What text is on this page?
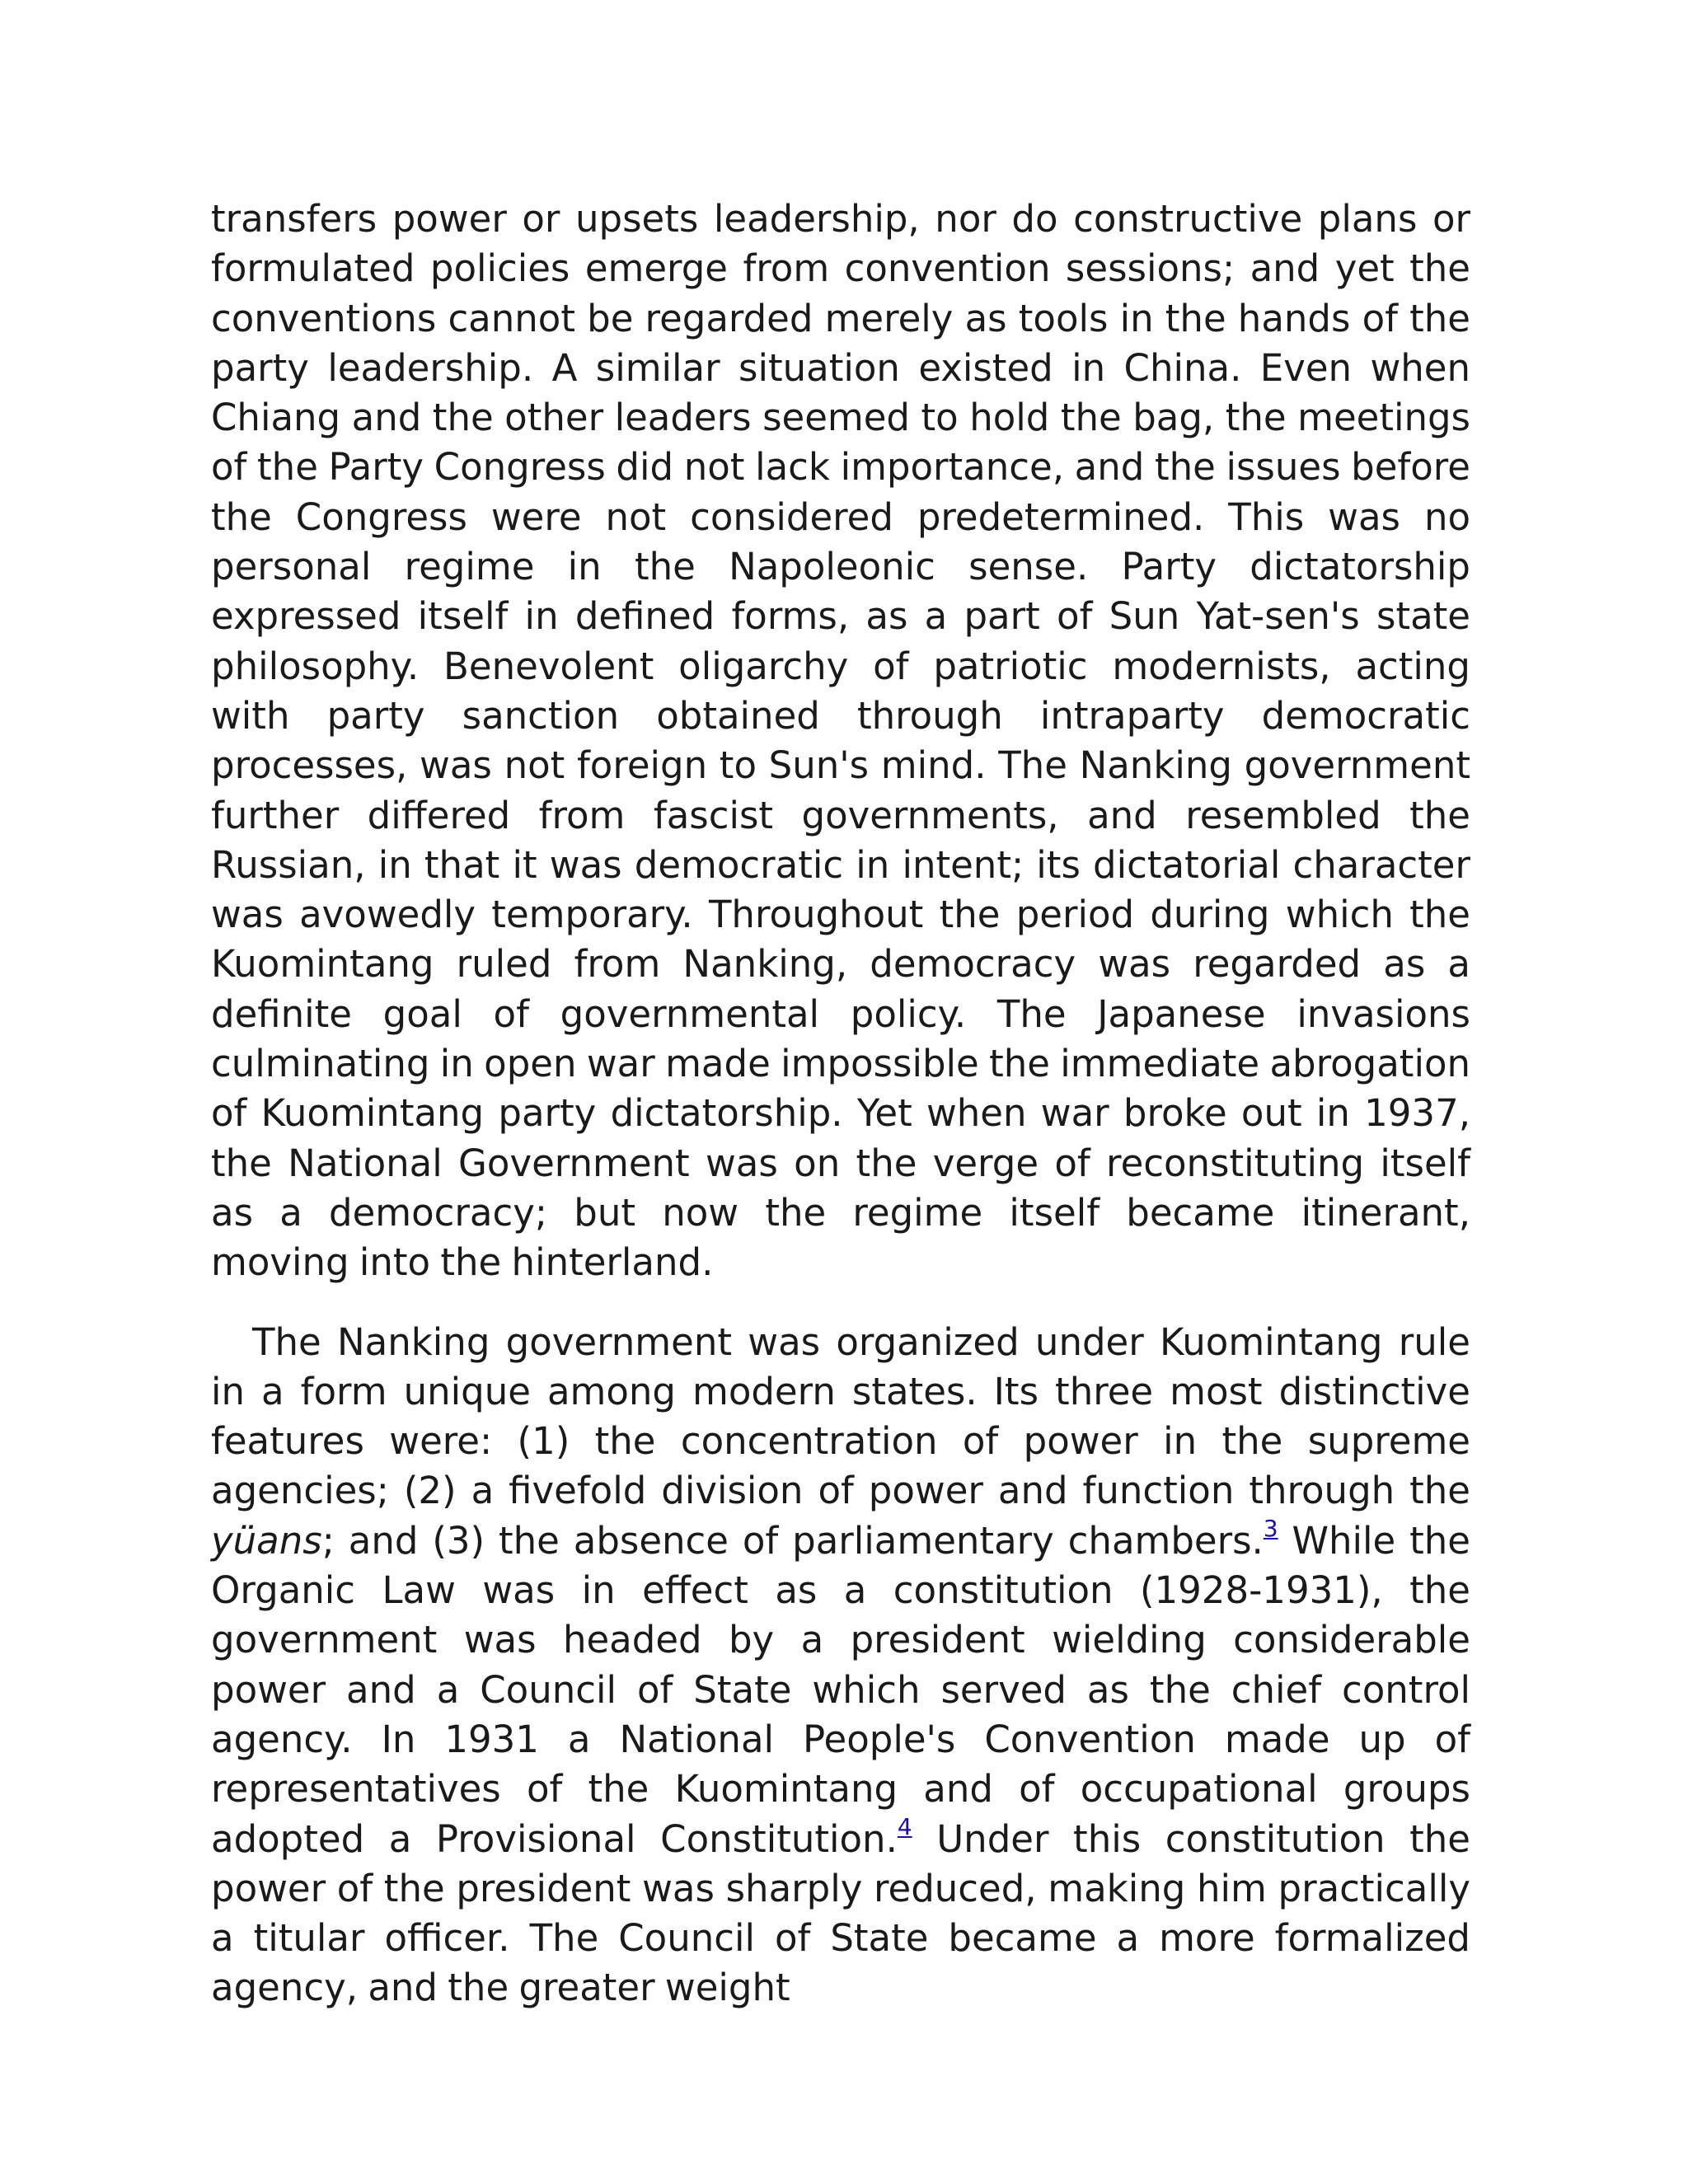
transfers power or upsets leadership, nor do constructive plans or formulated policies emerge from convention sessions; and yet the conventions cannot be regarded merely as tools in the hands of the party leadership. A similar situation existed in China. Even when Chiang and the other leaders seemed to hold the bag, the meetings of the Party Congress did not lack importance, and the issues before the Congress were not considered predetermined. This was no personal regime in the Napoleonic sense. Party dictatorship expressed itself in defined forms, as a part of Sun Yat-sen's state philosophy. Benevolent oligarchy of patriotic modernists, acting with party sanction obtained through intraparty democratic processes, was not foreign to Sun's mind. The Nanking government further differed from fascist governments, and resembled the Russian, in that it was democratic in intent; its dictatorial character was avowedly temporary. Throughout the period during which the Kuomintang ruled from Nanking, democracy was regarded as a definite goal of governmental policy. The Japanese invasions culminating in open war made impossible the immediate abrogation of Kuomintang party dictatorship. Yet when war broke out in 1937, the National Government was on the verge of reconstituting itself as a democracy; but now the regime itself became itinerant, moving into the hinterland.

The Nanking government was organized under Kuomintang rule in a form unique among modern states. Its three most distinctive features were: (1) the concentration of power in the supreme agencies; (2) a fivefold division of power and function through the yüans; and (3) the absence of parliamentary chambers.$^3$ While the Organic Law was in effect as a constitution (1928-1931), the government was headed by a president wielding considerable power and a Council of State which served as the chief control agency. In 1931 a National People's Convention made up of representatives of the Kuomintang and of occupational groups adopted a Provisional Constitution.$^4$ Under this constitution the power of the president was sharply reduced, making him practically a titular officer. The Council of State became a more formalized agency, and the greater weight
